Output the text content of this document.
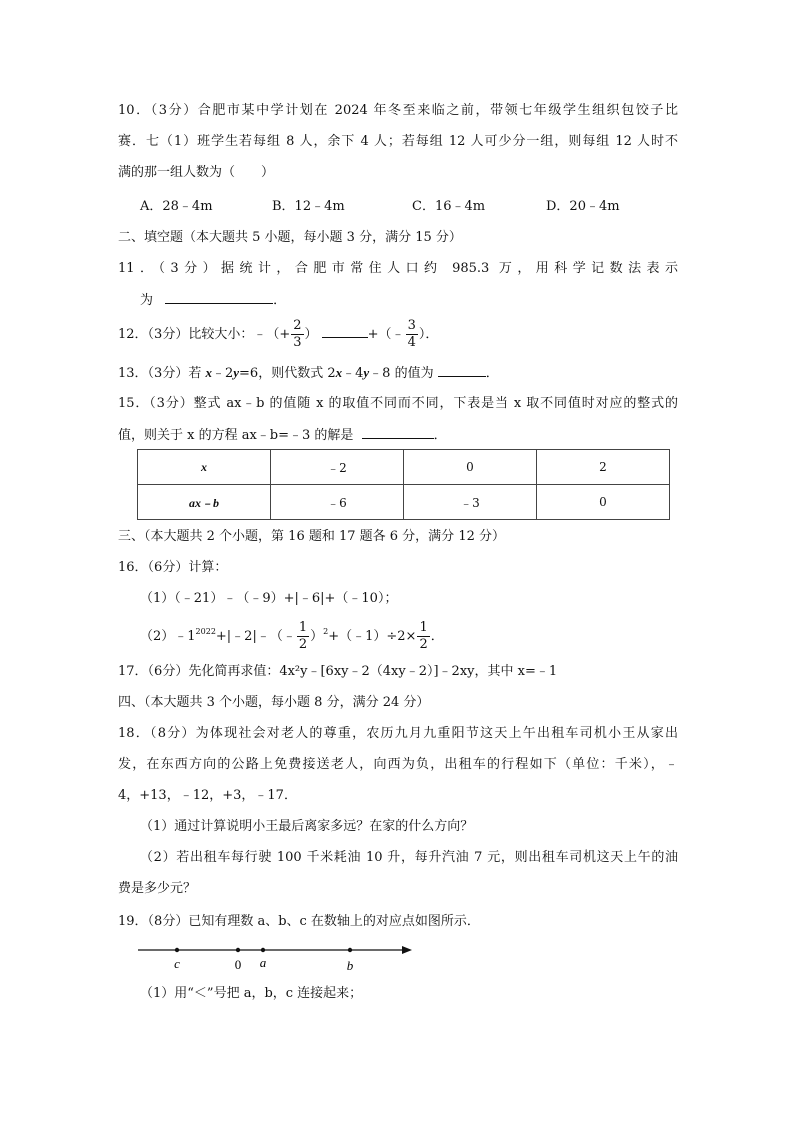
10．（3分）合肥市某中学计划在 2024 年冬至来临之前，带领七年级学生组织包饺子比
赛．七（1）班学生若每组 8 人，余下 4 人；若每组 12 人可少分一组，则每组 12 人时不
满的那一组人数为（　　）
A．28﹣4m	B．12﹣4m	C．16﹣4m	D．20﹣4m
二、填空题（本大题共 5 小题，每小题 3 分，满分 15 分）
11．（3分）据统计，合肥市常住人口约 985.3 万，用科学记数法表示
为	．
12．（3分）比较大小：﹣（+ $\frac{2}{3}$ ）	+（﹣ $\frac{3}{4}$ ）．
13．（3分）若 x﹣2y=6，则代数式 2x﹣4y﹣8 的值为	．
15．（3分）整式 ax﹣b 的值随 x 的取值不同而不同，下表是当 x 取不同值时对应的整式的
值，则关于 x 的方程 ax﹣b=﹣3 的解是	．
x	﹣2	0	2
ax﹣b	﹣6	﹣3	0
三、（本大题共 2 个小题，第 16 题和 17 题各 6 分，满分 12 分）
16．（6分）计算：
（1）（﹣21）﹣（﹣9）+|﹣6|+（﹣10）；
$(2)﹣1^{2022}+|﹣2|﹣(﹣ \frac{1}{2}$ ）$^2$+（﹣1）÷2× $\frac{1}{2}$ ．
17．（6分）先化简再求值：4x²y﹣[6xy﹣2（4xy﹣2）]﹣2xy，其中 x=﹣1
四、（本大题共 3 个小题，每小题 8 分，满分 24 分）
18．（8分）为体现社会对老人的尊重，农历九月九重阳节这天上午出租车司机小王从家出
发，在东西方向的公路上免费接送老人，向西为负，出租车的行程如下（单位：千米），﹣
4，+13，﹣12，+3，﹣17．
（1）通过计算说明小王最后离家多远？在家的什么方向？
（2）若出租车每行驶 100 千米耗油 10 升，每升汽油 7 元，则出租车司机这天上午的油
费是多少元？
19．（8分）已知有理数 a、b、c 在数轴上的对应点如图所示．
c	0 a	b
（1）用“＜”号把 a，b，c 连接起来；
